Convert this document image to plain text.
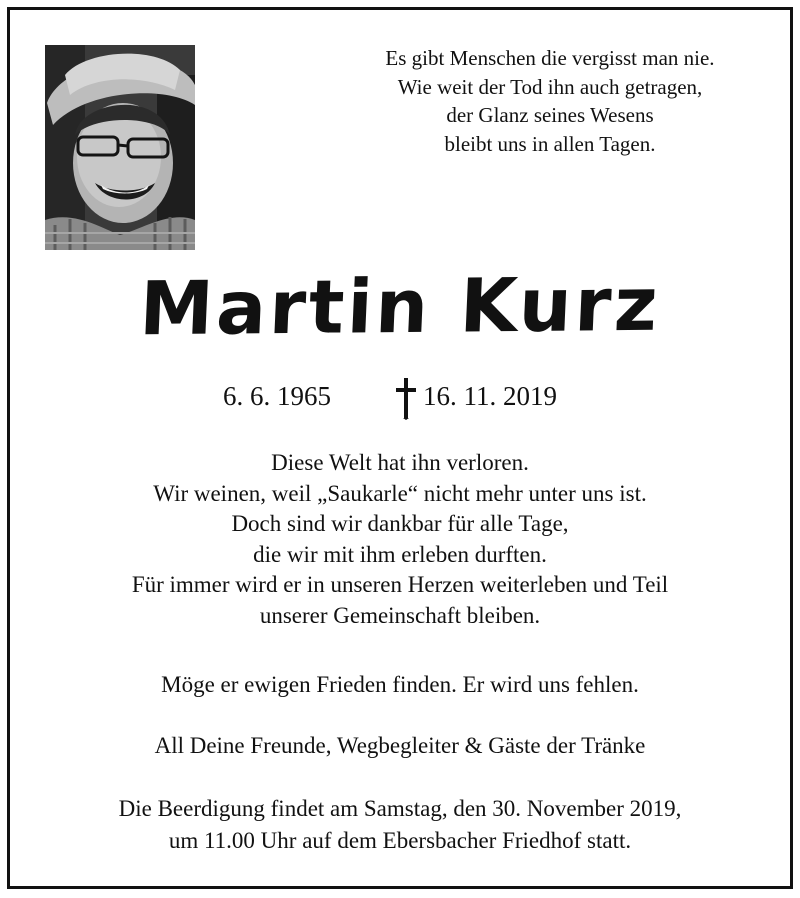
Es gibt Menschen die vergisst man nie.
Wie weit der Tod ihn auch getragen,
der Glanz seines Wesens
bleibt uns in allen Tagen.
Martin Kurz
6. 6. 1965	16. 11. 2019
Diese Welt hat ihn verloren.
Wir weinen, weil „Saukarle“ nicht mehr unter uns ist.
Doch sind wir dankbar für alle Tage,
die wir mit ihm erleben durften.
Für immer wird er in unseren Herzen weiterleben und Teil
unserer Gemeinschaft bleiben.
Möge er ewigen Frieden finden. Er wird uns fehlen.
All Deine Freunde, Wegbegleiter & Gäste der Tränke
Die Beerdigung findet am Samstag, den 30. November 2019,
um 11.00 Uhr auf dem Ebersbacher Friedhof statt.
